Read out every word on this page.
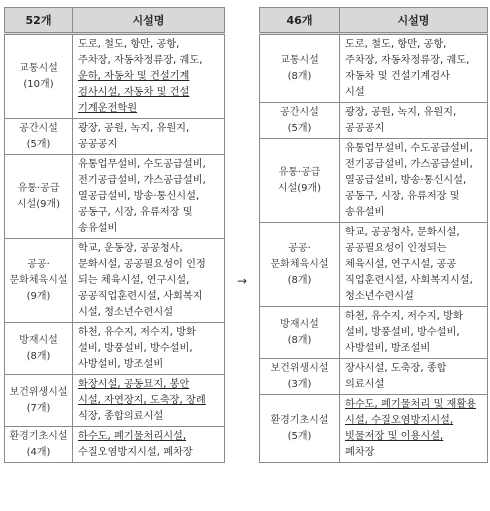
52개	시설명
교통시설
(10개)	도로, 철도, 항만, 공항,
주차장, 자동차정류장, 궤도,
운하, 자동차 및 건설기계
검사시설, 자동차 및 건설
기계운전학원
공간시설
(5개)	광장, 공원, 녹지, 유원지,
공공공지
유통·공급
시설(9개)	유통업무설비, 수도공급설비,
전기공급설비, 가스공급설비,
열공급설비, 방송·통신시설,
공동구, 시장, 유류저장 및
송유설비
공공·
문화체육시설
(9개)	학교, 운동장, 공공청사,
문화시설, 공공필요성이 인정
되는 체육시설, 연구시설,
공공직업훈련시설, 사회복지
시설, 청소년수련시설
방재시설
(8개)	하천, 유수지, 저수지, 방화
설비, 방풍설비, 방수설비,
사방설비, 방조설비
보건위생시설
(7개)	화장시설, 공동묘지, 봉안
시설, 자연장지, 도축장, 장례
식장, 종합의료시설
환경기초시설
(4개)	하수도, 폐기물처리시설,
수질오염방지시설, 폐차장
→
46개	시설명
교통시설
(8개)	도로, 철도, 항만, 공항,
주차장, 자동차정류장, 궤도,
자동차 및 건설기계검사
시설
공간시설
(5개)	광장, 공원, 녹지, 유원지,
공공공지
유통·공급
시설(9개)	유통업무설비, 수도공급설비,
전기공급설비, 가스공급설비,
열공급설비, 방송·통신시설,
공동구, 시장, 유류저장 및
송유설비
공공·
문화체육시설
(8개)	학교, 공공청사, 문화시설,
공공필요성이 인정되는
체육시설, 연구시설, 공공
직업훈련시설, 사회복지시설,
청소년수련시설
방재시설
(8개)	하천, 유수지, 저수지, 방화
설비, 방풍설비, 방수설비,
사방설비, 방조설비
보건위생시설
(3개)	장사시설, 도축장, 종합
의료시설
환경기초시설
(5개)	하수도, 폐기물처리 및 재활용
시설, 수질오염방지시설,
빗물저장 및 이용시설,
폐차장
